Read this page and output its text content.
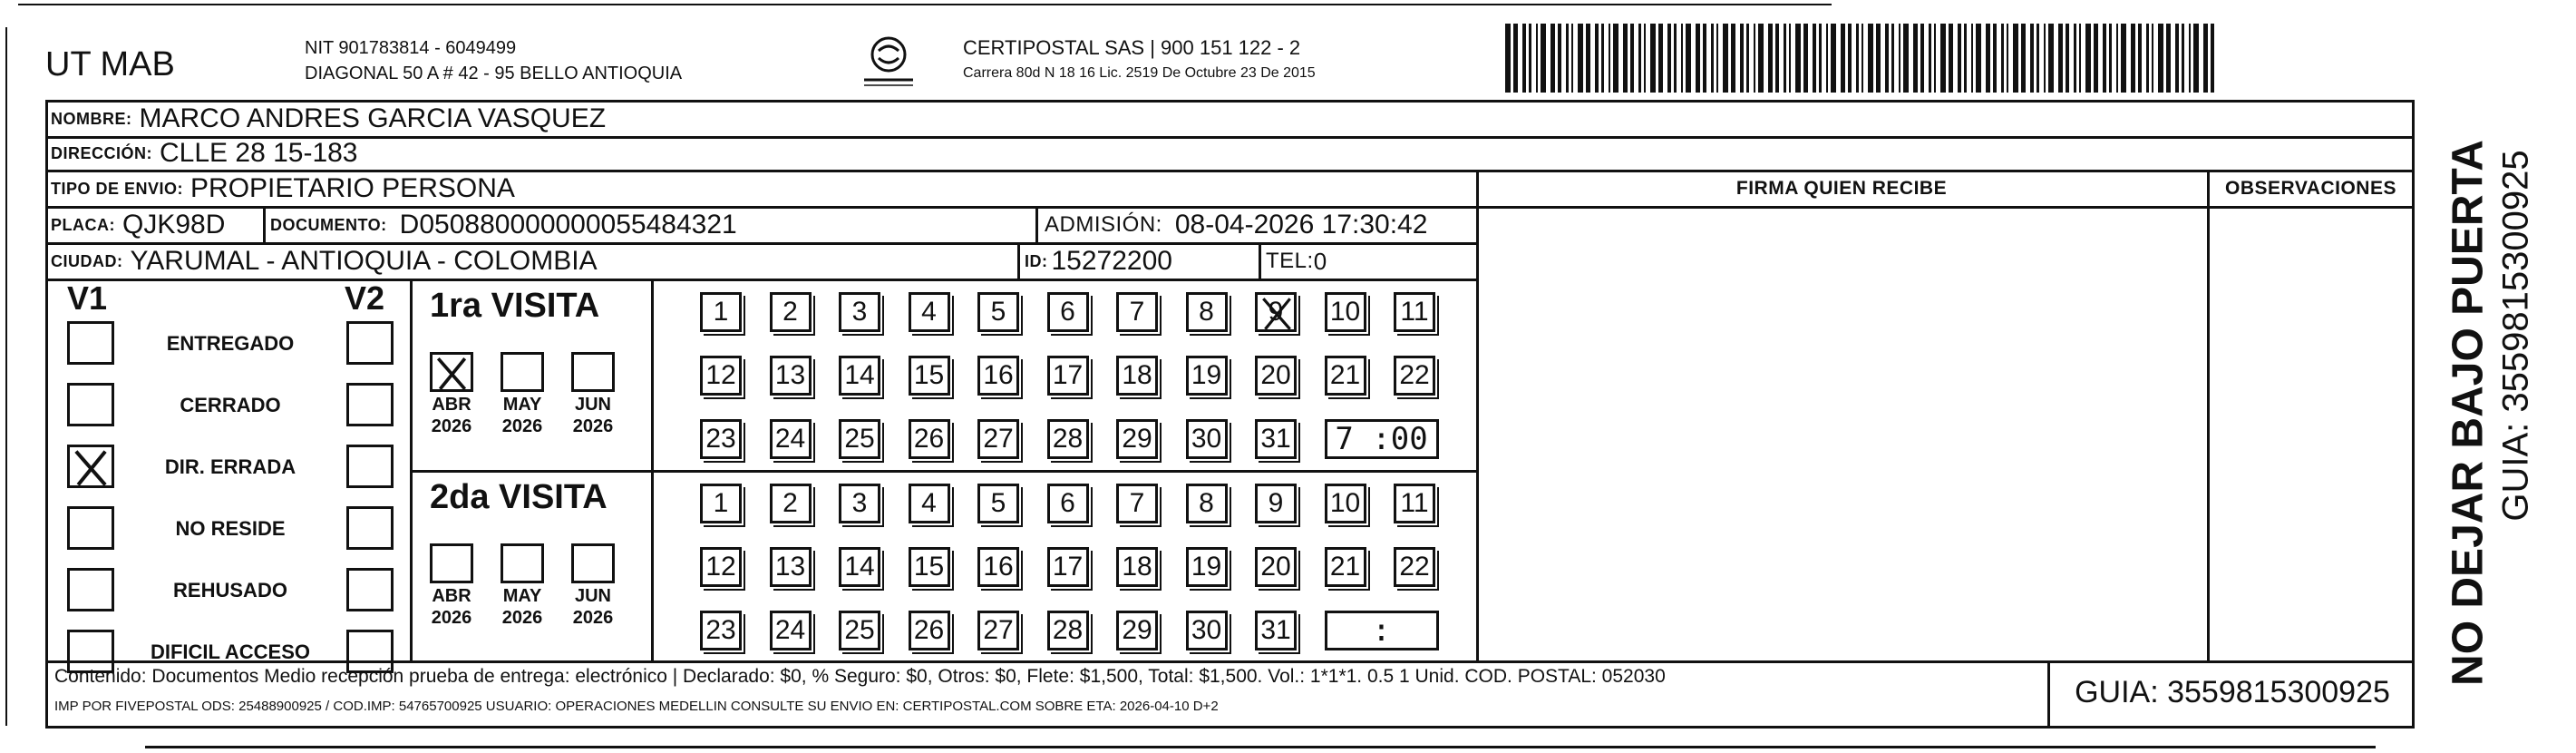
UT MAB	NIT 901783814 - 6049499
DIAGONAL 50 A # 42 - 95 BELLO ANTIOQUIA
CERTIPOSTAL SAS | 900 151 122 - 2
Carrera 80d N 18 16 Lic. 2519 De Octubre 23 De 2015
NOMBRE: MARCO ANDRES GARCIA VASQUEZ
DIRECCIÓN: CLLE 28 15-183
TIPO DE ENVIO: PROPIETARIO PERSONA	FIRMA QUIEN RECIBE	OBSERVACIONES
PLACA: QJK98D	DOCUMENTO: D050880000000055484321	ADMISIÓN: 08-04-2026 17:30:42
CIUDAD: YARUMAL - ANTIOQUIA - COLOMBIA	ID: 15272200	TEL: 0
V1	V2
ENTREGADO
CERRADO
DIR. ERRADA
NO RESIDE
REHUSADO
DIFICIL ACCESO
1ra VISITA
ABR
2026
MAY
2026
JUN
2026
1 2 3 4 5 6 7 8 9 10 11
12 13 14 15 16 17 18 19 20 21 22
23 24 25 26 27 28 29 30 31 7 :00
2da VISITA
ABR
2026
MAY
2026
JUN
2026
1 2 3 4 5 6 7 8 9 10 11
12 13 14 15 16 17 18 19 20 21 22
23 24 25 26 27 28 29 30 31	:
Contenido: Documentos Medio recepción prueba de entrega: electrónico | Declarado: $0, % Seguro: $0, Otros: $0, Flete: $1,500, Total: $1,500. Vol.: 1*1*1. 0.5 1 Unid. COD. POSTAL: 052030
IMP POR FIVEPOSTAL ODS: 25488900925 / COD.IMP: 54765700925 USUARIO: OPERACIONES MEDELLIN CONSULTE SU ENVIO EN: CERTIPOSTAL.COM SOBRE ETA: 2026-04-10 D+2	GUIA: 3559815300925
NO DEJAR BAJO PUERTA GUIA: 3559815300925
